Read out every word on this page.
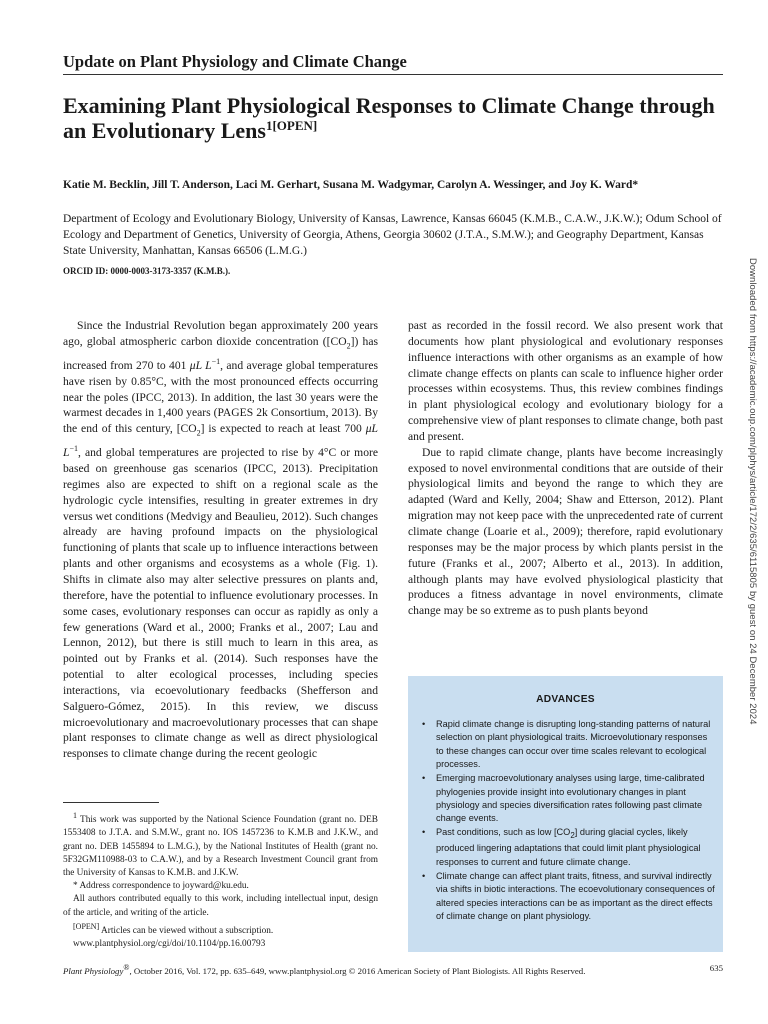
Update on Plant Physiology and Climate Change
Examining Plant Physiological Responses to Climate Change through an Evolutionary Lens$^{1[OPEN]}$
Katie M. Becklin, Jill T. Anderson, Laci M. Gerhart, Susana M. Wadgymar, Carolyn A. Wessinger, and Joy K. Ward*
Department of Ecology and Evolutionary Biology, University of Kansas, Lawrence, Kansas 66045 (K.M.B., C.A.W., J.K.W.); Odum School of Ecology and Department of Genetics, University of Georgia, Athens, Georgia 30602 (J.T.A., S.M.W.); and Geography Department, Kansas State University, Manhattan, Kansas 66506 (L.M.G.)
ORCID ID: 0000-0003-3173-3357 (K.M.B.).

Since the Industrial Revolution began approximately 200 years ago, global atmospheric carbon dioxide concentration $([CO_2])$ has increased from 270 to 401 μL $L^{-1}$, and average global temperatures have risen by 0.85°C, with the most pronounced effects occurring near the poles (IPCC, 2013). In addition, the last 30 years were the warmest decades in 1,400 years (PAGES 2k Consortium, 2013). By the end of this century, $[CO_2]$ is expected to reach at least 700 μL $L^{-1}$, and global temperatures are projected to rise by 4°C or more based on greenhouse gas scenarios (IPCC, 2013). Precipitation regimes also are expected to shift on a regional scale as the hydrologic cycle intensifies, resulting in greater extremes in dry versus wet conditions (Medvigy and Beaulieu, 2012). Such changes already are having profound impacts on the physiological functioning of plants that scale up to influence interactions between plants and other organisms and ecosystems as a whole (Fig. 1). Shifts in climate also may alter selective pressures on plants and, therefore, have the potential to influence evolutionary processes. In some cases, evolutionary responses can occur as rapidly as only a few generations (Ward et al., 2000; Franks et al., 2007; Lau and Lennon, 2012), but there is still much to learn in this area, as pointed out by Franks et al. (2014). Such responses have the potential to alter ecological processes, including species interactions, via ecoevolutionary feedbacks (Shefferson and Salguero-Gómez, 2015). In this review, we discuss microevolutionary and macroevolutionary processes that can shape plant responses to climate change as well as direct physiological responses to climate change during the recent geologic

past as recorded in the fossil record. We also present work that documents how plant physiological and evolutionary responses influence interactions with other organisms as an example of how climate change effects on plants can scale to influence higher order processes within ecosystems. Thus, this review combines findings in plant physiological ecology and evolutionary biology for a comprehensive view of plant responses to climate change, both past and present.

Due to rapid climate change, plants have become increasingly exposed to novel environmental conditions that are outside of their physiological limits and beyond the range to which they are adapted (Ward and Kelly, 2004; Shaw and Etterson, 2012). Plant migration may not keep pace with the unprecedented rate of current climate change (Loarie et al., 2009); therefore, rapid evolutionary responses may be the major process by which plants persist in the future (Franks et al., 2007; Alberto et al., 2013). In addition, although plants may have evolved physiological plasticity that produces a fitness advantage in novel environments, climate change may be so extreme as to push plants beyond

$^1$ This work was supported by the National Science Foundation (grant no. DEB 1553408 to J.T.A. and S.M.W., grant no. IOS 1457236 to K.M.B and J.K.W., and grant no. DEB 1455894 to L.M.G.), by the National Institutes of Health (grant no. 5F32GM110988-03 to C.A.W.), and by a Research Investment Council grant from the University of Kansas to K.M.B. and J.K.W.

* Address correspondence to joyward@ku.edu.

All authors contributed equally to this work, including intellectual input, design of the article, and writing of the article.

[OPEN] Articles can be viewed without a subscription.

www.plantphysiol.org/cgi/doi/10.1104/pp.16.00793

ADVANCES
• Rapid climate change is disrupting long-standing patterns of natural selection on plant physiological traits. Microevolutionary responses to these changes can occur over time scales relevant to ecological processes.
• Emerging macroevolutionary analyses using large, time-calibrated phylogenies provide insight into evolutionary changes in plant physiology and species diversification rates following past climate change events.
• Past conditions, such as low $[CO_2]$ during glacial cycles, likely produced lingering adaptations that could limit plant physiological responses to current and future climate change.
• Climate change can affect plant traits, fitness, and survival indirectly via shifts in biotic interactions. The ecoevolutionary consequences of altered species interactions can be as important as the direct effects of climate change on plant physiology.
Plant Physiology®, October 2016, Vol. 172, pp. 635–649, www.plantphysiol.org © 2016 American Society of Plant Biologists. All Rights Reserved.	635
Downloaded from https://academic.oup.com/plphys/article/172/2/635/6115805 by guest on 24 December 2024
